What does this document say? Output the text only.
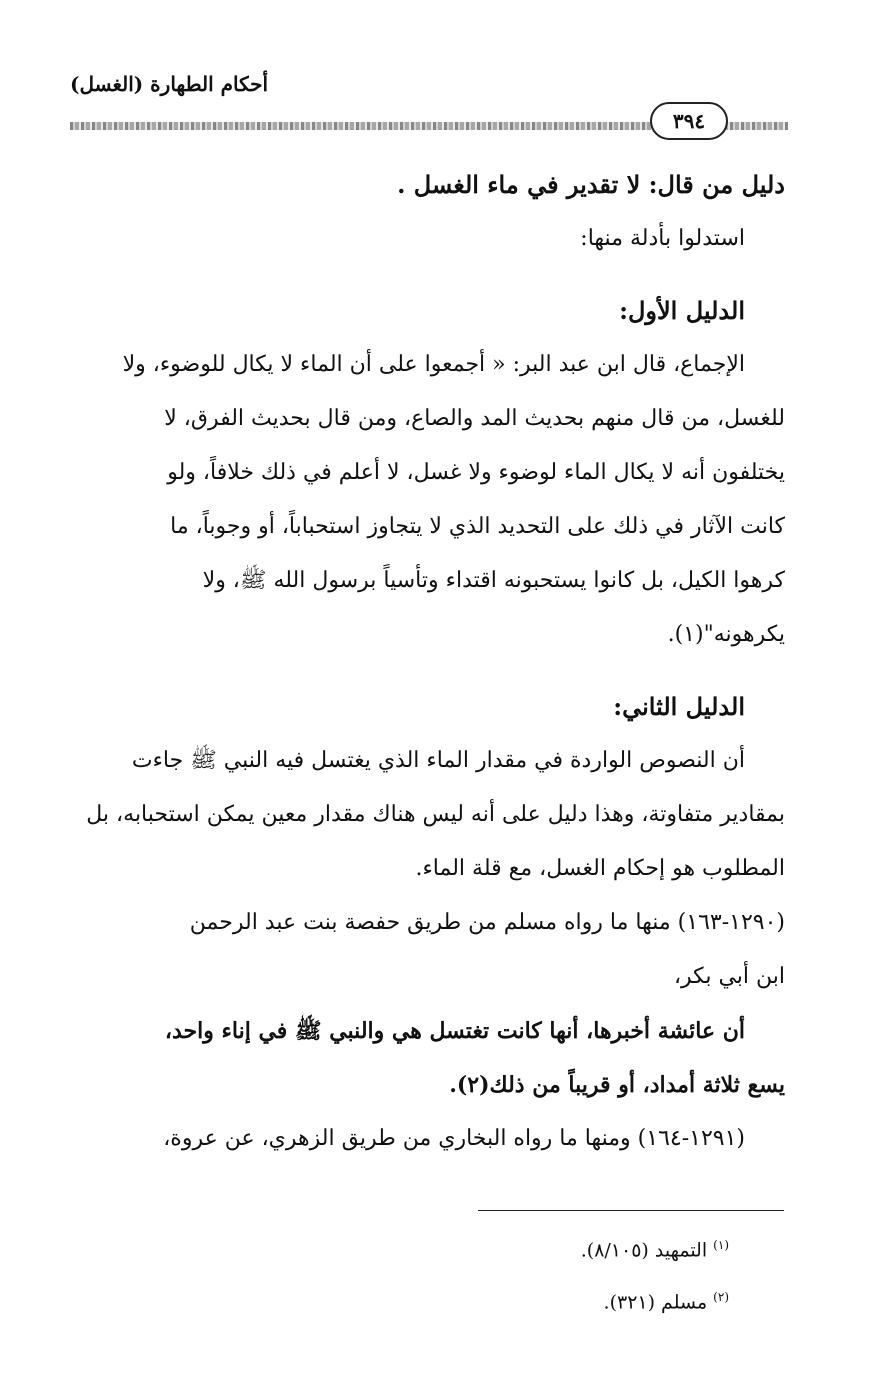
أحكام الطهارة (الغسل)
٣٩٤
دليل من قال: لا تقدير في ماء الغسل .
استدلوا بأدلة منها:
الدليل الأول:
الإجماع، قال ابن عبد البر: « أجمعوا على أن الماء لا يكال للوضوء، ولا
للغسل، من قال منهم بحديث المد والصاع، ومن قال بحديث الفرق، لا
يختلفون أنه لا يكال الماء لوضوء ولا غسل، لا أعلم في ذلك خلافاً، ولو
كانت الآثار في ذلك على التحديد الذي لا يتجاوز استحباباً، أو وجوباً، ما
كرهوا الكيل، بل كانوا يستحبونه اقتداء وتأسياً برسول الله ﷺ، ولا
يكرهونه"(١).
الدليل الثاني:
أن النصوص الواردة في مقدار الماء الذي يغتسل فيه النبي ﷺ جاءت
بمقادير متفاوتة، وهذا دليل على أنه ليس هناك مقدار معين يمكن استحبابه، بل
المطلوب هو إحكام الغسل، مع قلة الماء.
(١٢٩٠-١٦٣) منها ما رواه مسلم من طريق حفصة بنت عبد الرحمن
ابن أبي بكر،
أن عائشة أخبرها، أنها كانت تغتسل هي والنبي ﷺ في إناء واحد،
يسع ثلاثة أمداد، أو قريباً من ذلك(٢).
(١٢٩١-١٦٤) ومنها ما رواه البخاري من طريق الزهري، عن عروة،
$^{(١)}$ التمهيد (٨/١٠٥).
$^{(٢)}$ مسلم (٣٢١).
